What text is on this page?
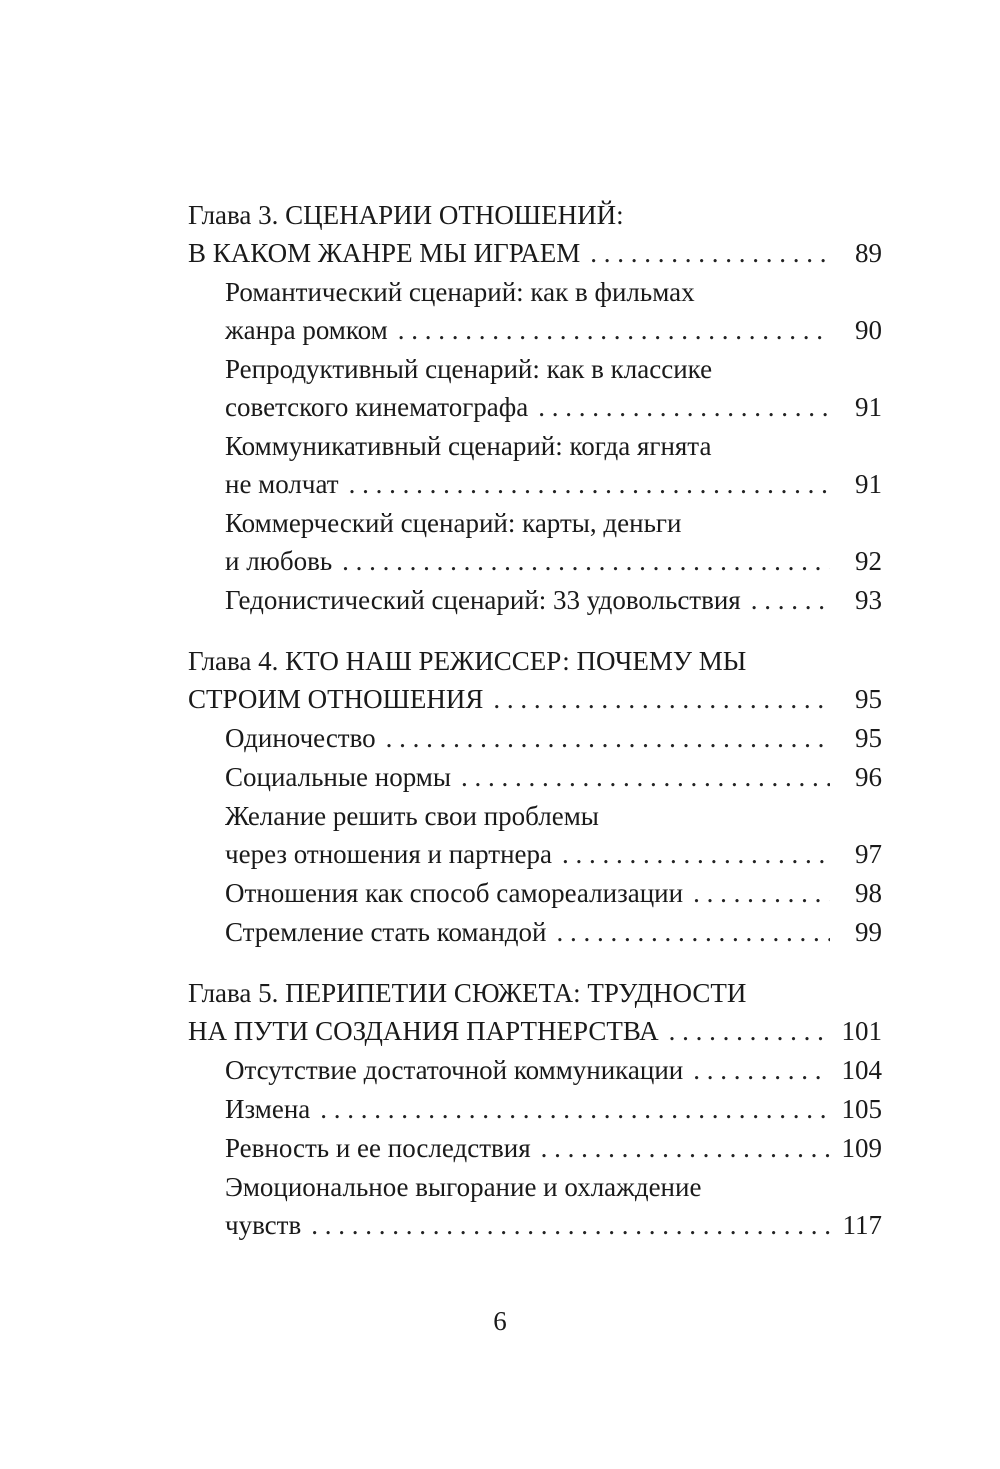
Глава 3. СЦЕНАРИИ ОТНОШЕНИЙ:
В КАКОМ ЖАНРЕ МЫ ИГРАЕМ . . .	89
Романтический сценарий: как в фильмах
жанра ромком . . .	90
Репродуктивный сценарий: как в классике
советского кинематографа . . .	91
Коммуникативный сценарий: когда ягнята
не молчат . . .	91
Коммерческий сценарий: карты, деньги
и любовь . . .	92
Гедонистический сценарий: 33 удовольствия . . .	93
Глава 4. КТО НАШ РЕЖИССЕР: ПОЧЕМУ МЫ
СТРОИМ ОТНОШЕНИЯ . . .	95
Одиночество . . .	95
Социальные нормы . . .	96
Желание решить свои проблемы
через отношения и партнера . . .	97
Отношения как способ самореализации . . .	98
Стремление стать командой . . .	99
Глава 5. ПЕРИПЕТИИ СЮЖЕТА: ТРУДНОСТИ
НА ПУТИ СОЗДАНИЯ ПАРТНЕРСТВА . . .	101
Отсутствие достаточной коммуникации . . .	104
Измена . . .	105
Ревность и ее последствия . . .	109
Эмоциональное выгорание и охлаждение
чувств . . .	117
6
